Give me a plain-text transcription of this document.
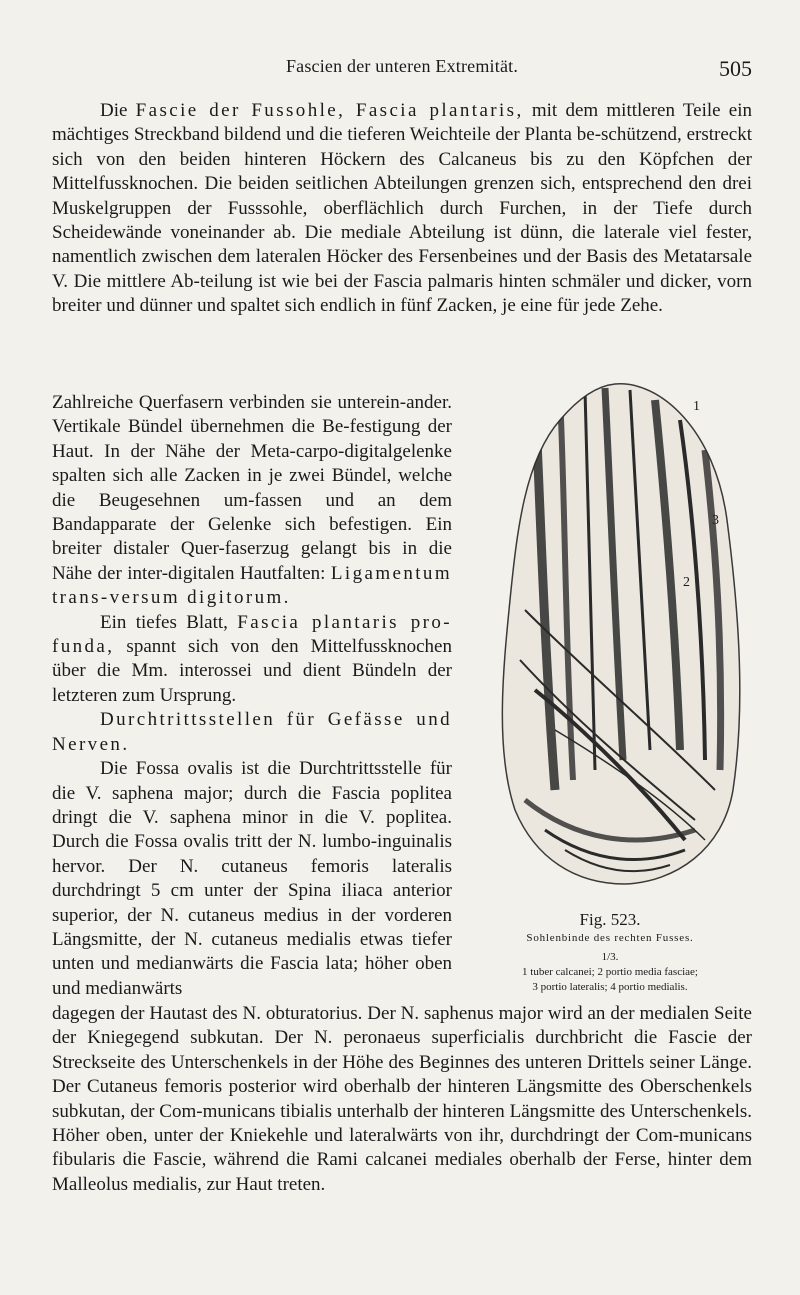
Fascien der unteren Extremität.	505

Die Fascie der Fussohle, Fascia plantaris, mit dem mittleren Teile ein mächtiges Streckband bildend und die tieferen Weichteile der Planta be-schützend, erstreckt sich von den beiden hinteren Höckern des Calcaneus bis zu den Köpfchen der Mittelfussknochen. Die beiden seitlichen Abteilungen grenzen sich, entsprechend den drei Muskelgruppen der Fusssohle, oberflächlich durch Furchen, in der Tiefe durch Scheidewände voneinander ab. Die mediale Abteilung ist dünn, die laterale viel fester, namentlich zwischen dem lateralen Höcker des Fersenbeines und der Basis des Metatarsale V. Die mittlere Ab-teilung ist wie bei der Fascia palmaris hinten schmäler und dicker, vorn breiter und dünner und spaltet sich endlich in fünf Zacken, je eine für jede Zehe.

Zahlreiche Querfasern verbinden sie unterein-ander. Vertikale Bündel übernehmen die Be-festigung der Haut. In der Nähe der Meta-carpo-digitalgelenke spalten sich alle Zacken in je zwei Bündel, welche die Beugesehnen um-fassen und an dem Bandapparate der Gelenke sich befestigen. Ein breiter distaler Quer-faserzug gelangt bis in die Nähe der inter-digitalen Hautfalten: Ligamentum trans-versum digitorum.

Ein tiefes Blatt, Fascia plantaris pro-funda, spannt sich von den Mittelfussknochen über die Mm. interossei und dient Bündeln der letzteren zum Ursprung.

Durchtrittsstellen für Gefässe und Nerven.

Die Fossa ovalis ist die Durchtrittsstelle für die V. saphena major; durch die Fascia poplitea dringt die V. saphena minor in die V. poplitea. Durch die Fossa ovalis tritt der N. lumbo-inguinalis hervor. Der N. cutaneus femoris lateralis durchdringt 5 cm unter der Spina iliaca anterior superior, der N. cutaneus medius in der vorderen Längsmitte, der N. cutaneus medialis etwas tiefer unten und medianwärts die Fascia lata; höher oben und medianwärts

1
2
3
Fig. 523.
Sohlenbinde des rechten Fusses.
1/3.
1 tuber calcanei; 2 portio media fasciae;
3 portio lateralis; 4 portio medialis.

dagegen der Hautast des N. obturatorius. Der N. saphenus major wird an der medialen Seite der Kniegegend subkutan. Der N. peronaeus superficialis durchbricht die Fascie der Streckseite des Unterschenkels in der Höhe des Beginnes des unteren Drittels seiner Länge. Der Cutaneus femoris posterior wird oberhalb der hinteren Längsmitte des Oberschenkels subkutan, der Com-municans tibialis unterhalb der hinteren Längsmitte des Unterschenkels. Höher oben, unter der Kniekehle und lateralwärts von ihr, durchdringt der Com-municans fibularis die Fascie, während die Rami calcanei mediales oberhalb der Ferse, hinter dem Malleolus medialis, zur Haut treten.
